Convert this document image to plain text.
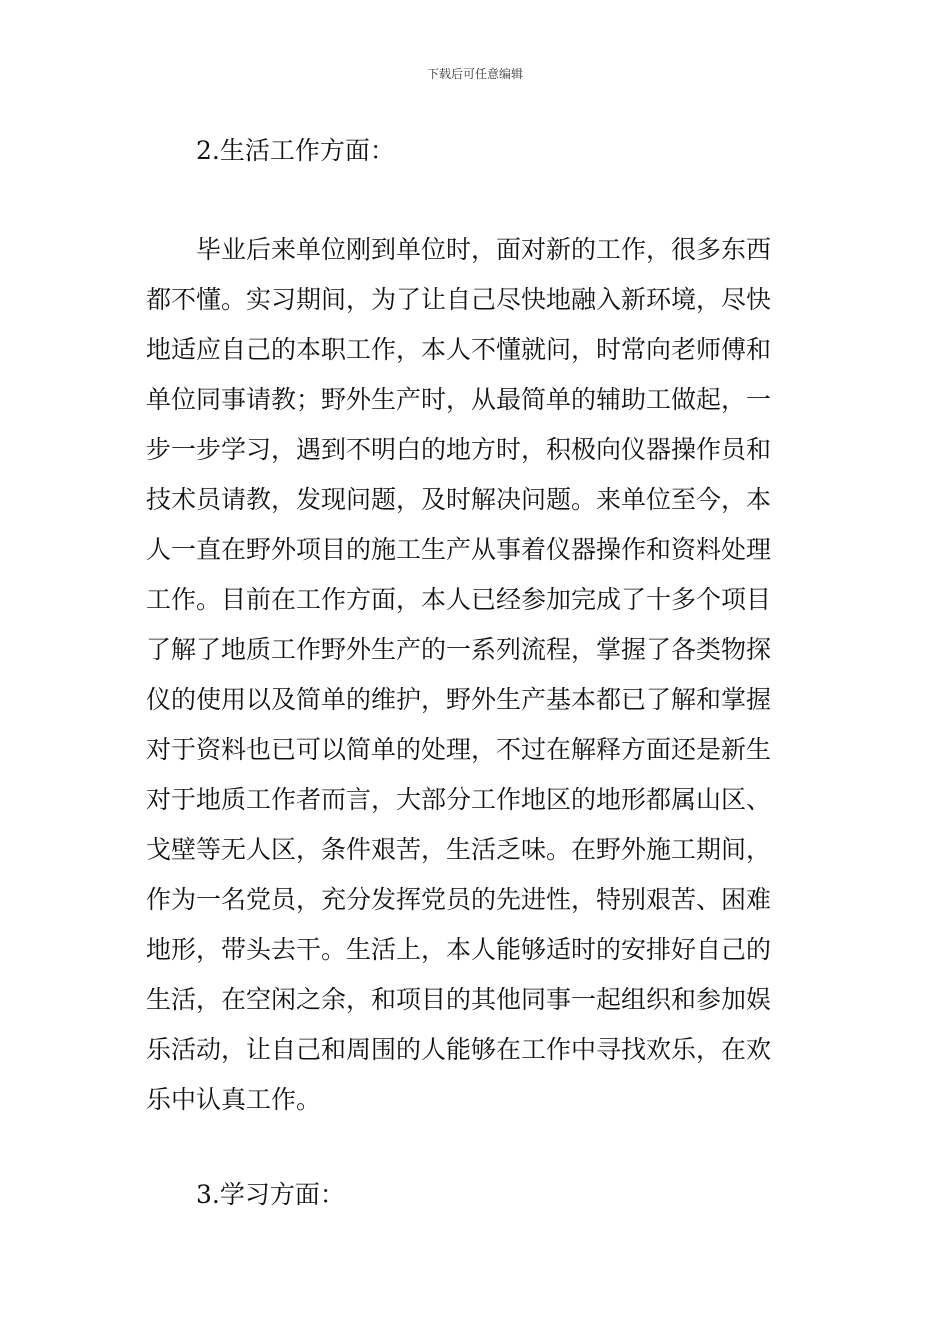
下载后可任意编辑
2.生活工作方面：
　　毕业后来单位刚到单位时，面对新的工作，很多东西
都不懂。实习期间，为了让自己尽快地融入新环境，尽快
地适应自己的本职工作，本人不懂就问，时常向老师傅和
单位同事请教；野外生产时，从最简单的辅助工做起，一
步一步学习，遇到不明白的地方时，积极向仪器操作员和
技术员请教，发现问题，及时解决问题。来单位至今，本
人一直在野外项目的施工生产从事着仪器操作和资料处理
工作。目前在工作方面，本人已经参加完成了十多个项目
了解了地质工作野外生产的一系列流程，掌握了各类物探
仪的使用以及简单的维护，野外生产基本都已了解和掌握
对于资料也已可以简单的处理，不过在解释方面还是新生
对于地质工作者而言，大部分工作地区的地形都属山区、
戈壁等无人区，条件艰苦，生活乏味。在野外施工期间，
作为一名党员，充分发挥党员的先进性，特别艰苦、困难
地形，带头去干。生活上，本人能够适时的安排好自己的
生活，在空闲之余，和项目的其他同事一起组织和参加娱
乐活动，让自己和周围的人能够在工作中寻找欢乐，在欢
乐中认真工作。
3.学习方面：
